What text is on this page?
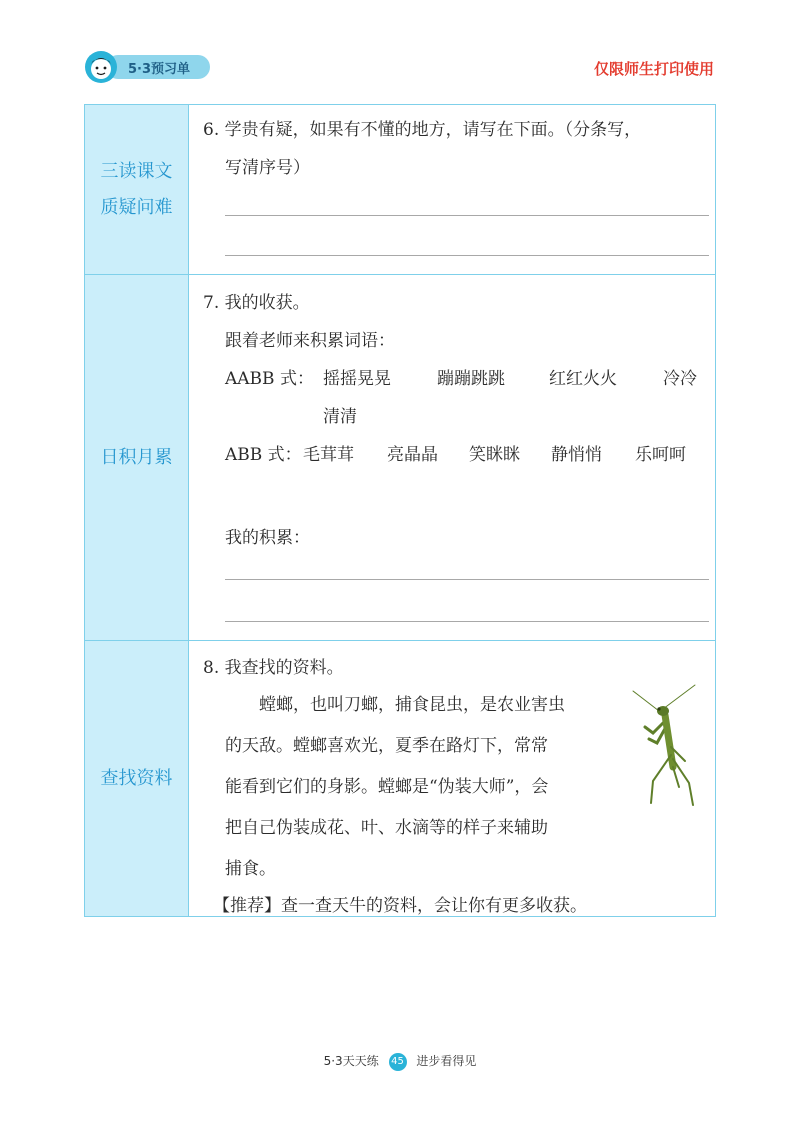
5·3预习单	仅限师生打印使用
三读课文
质疑问难
6. 学贵有疑，如果有不懂的地方，请写在下面。（分条写，
写清序号）
日积月累
7. 我的收获。
跟着老师来积累词语：
AABB 式： 摇摇晃晃	蹦蹦跳跳	红红火火	冷冷
清清
ABB 式： 毛茸茸 亮晶晶 笑眯眯 静悄悄 乐呵呵
我的积累：
查找资料
8. 我查找的资料。
螳螂，也叫刀螂，捕食昆虫，是农业害虫
的天敌。螳螂喜欢光，夏季在路灯下，常常
能看到它们的身影。螳螂是“伪装大师”，会
把自己伪装成花、叶、水滴等的样子来辅助
捕食。
【推荐】查一查天牛的资料，会让你有更多收获。
5·3天天练 45 进步看得见
